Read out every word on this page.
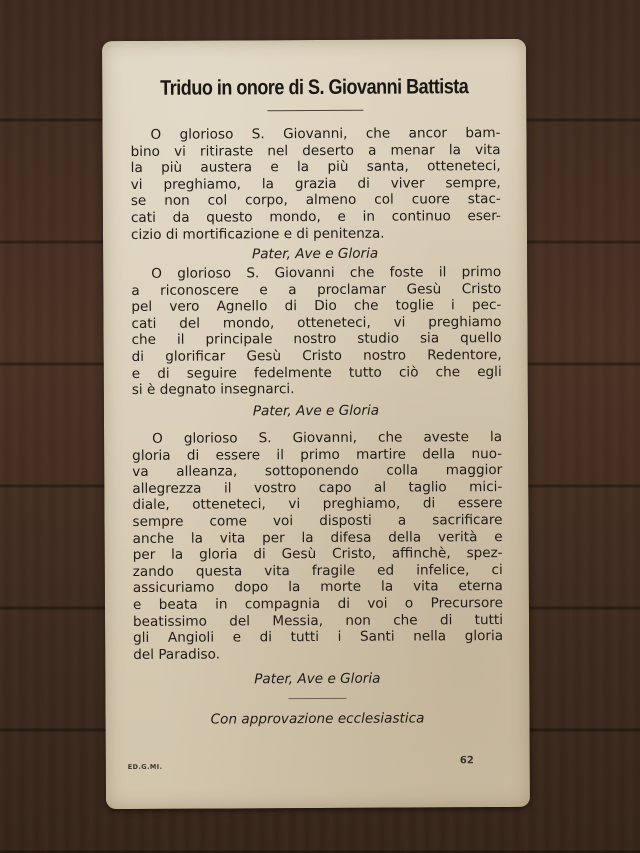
Triduo in onore di S. Giovanni Battista
O glorioso S. Giovanni, che ancor bam-
bino vi ritiraste nel deserto a menar la vita
la più austera e la più santa, otteneteci,
vi preghiamo, la grazia di viver sempre,
se non col corpo, almeno col cuore stac-
cati da questo mondo, e in continuo eser-
cizio di mortificazione e di penitenza.
Pater, Ave e Gloria
O glorioso S. Giovanni che foste il primo
a riconoscere e a proclamar Gesù Cristo
pel vero Agnello di Dio che toglie i pec-
cati del mondo, otteneteci, vi preghiamo
che il principale nostro studio sia quello
di glorificar Gesù Cristo nostro Redentore,
e di seguire fedelmente tutto ciò che egli
si è degnato insegnarci.
Pater, Ave e Gloria
O glorioso S. Giovanni, che aveste la
gloria di essere il primo martire della nuo-
va alleanza, sottoponendo colla maggior
allegrezza il vostro capo al taglio mici-
diale, otteneteci, vi preghiamo, di essere
sempre come voi disposti a sacrificare
anche la vita per la difesa della verità e
per la gloria di Gesù Cristo, affinchè, spez-
zando questa vita fragile ed infelice, ci
assicuriamo dopo la morte la vita eterna
e beata in compagnia di voi o Precursore
beatissimo del Messia, non che di tutti
gli Angioli e di tutti i Santi nella gloria
del Paradiso.
Pater, Ave e Gloria
Con approvazione ecclesiastica
ED.G.MI.
62
